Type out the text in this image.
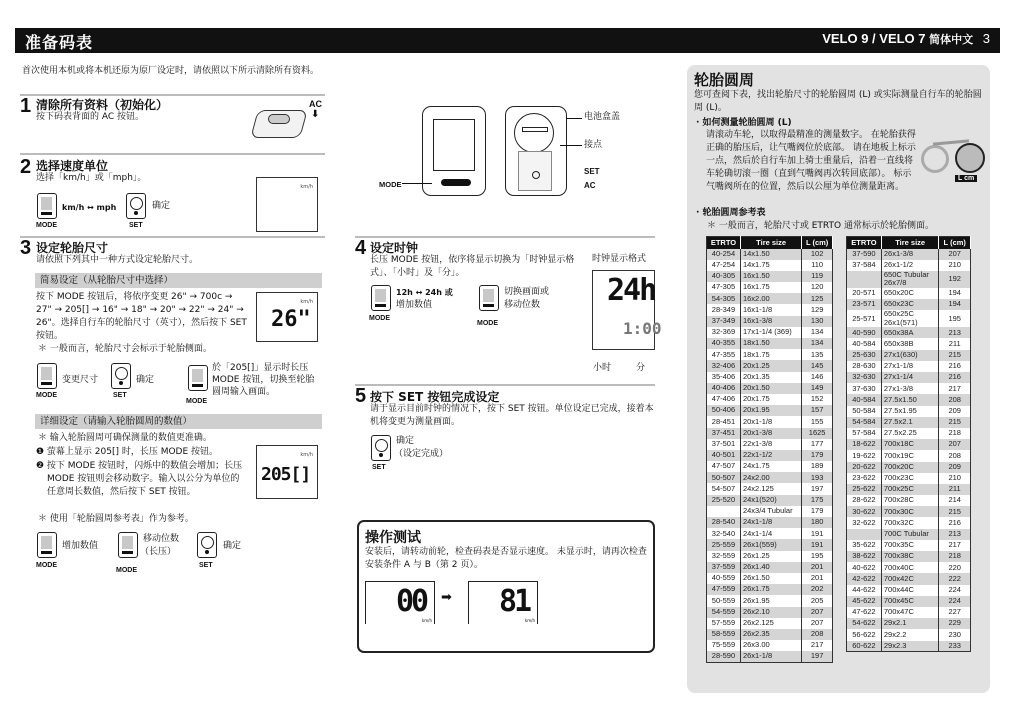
准备码表	VELO 9 / VELO 7 简体中文 3
首次使用本机或将本机还原为原厂设定时，请依照以下所示清除所有资料。
1 清除所有资料（初始化）
按下码表背面的 AC 按钮。
AC
⬇
2 选择速度单位
选择「km/h」或「mph」。
MODE
km/h ↔ mph
SET
确定
km/h
3 设定轮胎尺寸
请依照下列其中一种方式设定轮胎尺寸。
简易设定（从轮胎尺寸中选择）
按下 MODE 按钮后，将依序变更 26" → 700c → 27" → 205[] → 16" → 18" → 20" → 22" → 24" → 26"。选择自行车的轮胎尺寸（英寸），然后按下 SET 按钮。
＊ 一般而言，轮胎尺寸会标示于轮胎侧面。
km/h
26"
MODE
变更尺寸
SET
确定
MODE
於「205[]」显示时长压 MODE 按钮，切换至轮胎圆周输入画面。
详细设定（请输入轮胎圆周的数值）
＊ 输入轮胎圆周可确保测量的数值更准确。
❶ 萤幕上显示 205[] 时，长压 MODE 按钮。
❷ 按下 MODE 按钮时，闪烁中的数值会增加；长压 MODE 按钮则会移动数字。输入以公分为单位的任意周长数值，然后按下 SET 按钮。
＊ 使用「轮胎圆周参考表」作为参考。
km/h
205[]
MODE
增加数值
MODE
移动位数
（长压）
SET
确定
MODE
电池盒盖
接点
SET
AC
4 设定时钟
长压 MODE 按钮，依序将显示切换为「时钟显示格式」、「小时」及「分」。
MODE
12h ↔ 24h 或
增加数值
MODE
切换画面或
移动位数
时钟显示格式
24h
1:00
小时	分
5 按下 SET 按钮完成设定
请于显示目前时钟的情况下，按下 SET 按钮。单位设定已完成，接着本机将变更为测量画面。
SET
确定
（设定完成）
操作测试
安装后，请转动前轮，检查码表是否显示速度。 未显示时，请再次检查安装条件 A 与 B（第 2 页）。
00
km/h
➡ 81
km/h
轮胎圆周
您可查阅下表，找出轮胎尺寸的轮胎圆周 (L) 或实际测量自行车的轮胎圆周 (L)。
· 如何测量轮胎圆周 (L)
请滚动车轮，以取得最精准的测量数字。 在轮胎获得正确的胎压后，让气嘴阀位於底部。 请在地板上标示一点，然后於自行车加上骑士重量后，沿着一直线将车轮确切滚一圈（直到气嘴阀再次转回底部）。 标示气嘴阀所在的位置，然后以公厘为单位测量距离。
L cm
· 轮胎圆周参考表
＊ 一般而言，轮胎尺寸或 ETRTO 通常标示於轮胎侧面。
ETRTO	Tire size	L (cm)
40-254	14x1.50	102
47-254	14x1.75	110
40-305	16x1.50	119
47-305	16x1.75	120
54-305	16x2.00	125
28-349	16x1-1/8	129
37-349	16x1-3/8	130
32-369	17x1-1/4 (369)	134
40-355	18x1.50	134
47-355	18x1.75	135
32-406	20x1.25	145
35-406	20x1.35	146
40-406	20x1.50	149
47-406	20x1.75	152
50-406	20x1.95	157
28-451	20x1-1/8	155
37-451	20x1-3/8	1625
37-501	22x1-3/8	177
40-501	22x1-1/2	179
47-507	24x1.75	189
50-507	24x2.00	193
54-507	24x2.125	197
25-520	24x1(520)	175
	24x3/4 Tubular	179
28-540	24x1-1/8	180
32-540	24x1-1/4	191
25-559	26x1(559)	191
32-559	26x1.25	195
37-559	26x1.40	201
40-559	26x1.50	201
47-559	26x1.75	202
50-559	26x1.95	205
54-559	26x2.10	207
57-559	26x2.125	207
58-559	26x2.35	208
75-559	26x3.00	217
28-590	26x1-1/8	197
ETRTO	Tire size	L (cm)
37-590	26x1-3/8	207
37-584	26x1-1/2	210
	650C Tubular
26x7/8	192
20-571	650x20C	194
23-571	650x23C	194
25-571	650x25C
26x1(571)	195
40-590	650x38A	213
40-584	650x38B	211
25-630	27x1(630)	215
28-630	27x1-1/8	216
32-630	27x1-1/4	216
37-630	27x1-3/8	217
40-584	27.5x1.50	208
50-584	27.5x1.95	209
54-584	27.5x2.1	215
57-584	27.5x2.25	218
18-622	700x18C	207
19-622	700x19C	208
20-622	700x20C	209
23-622	700x23C	210
25-622	700x25C	211
28-622	700x28C	214
30-622	700x30C	215
32-622	700x32C	216
	700C Tubular	213
35-622	700x35C	217
38-622	700x38C	218
40-622	700x40C	220
42-622	700x42C	222
44-622	700x44C	224
45-622	700x45C	224
47-622	700x47C	227
54-622	29x2.1	229
56-622	29x2.2	230
60-622	29x2.3	233
